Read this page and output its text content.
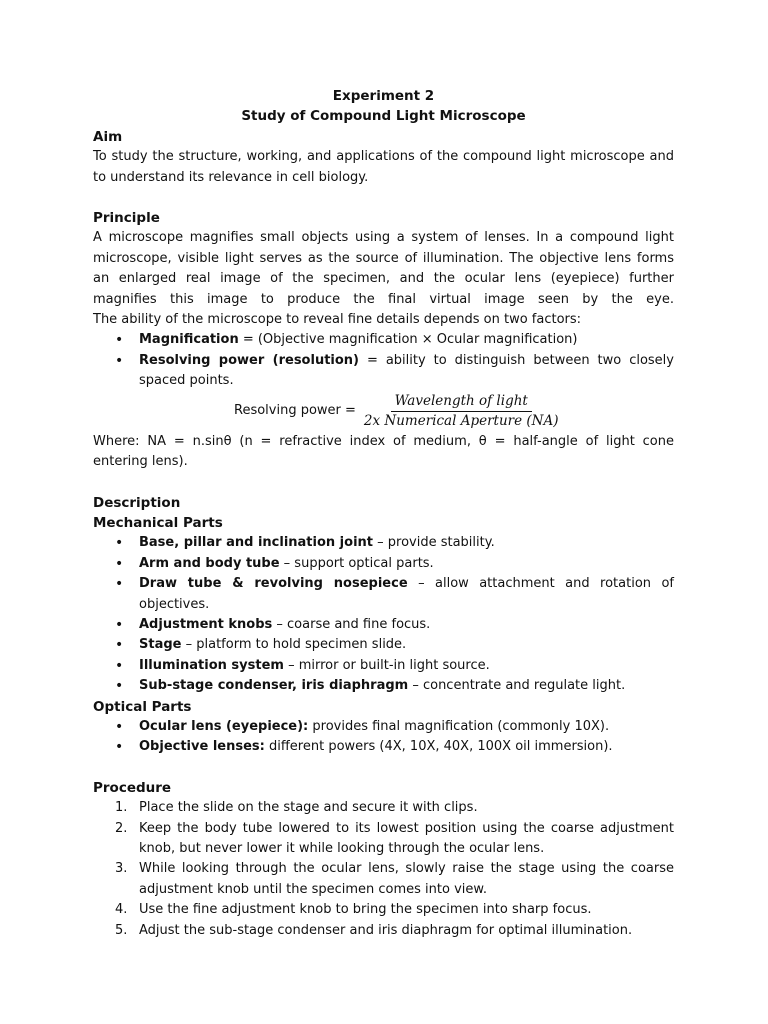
Experiment 2
Study of Compound Light Microscope
Aim
To study the structure, working, and applications of the compound light microscope and to understand its relevance in cell biology.
Principle
A microscope magnifies small objects using a system of lenses. In a compound light microscope, visible light serves as the source of illumination. The objective lens forms an enlarged real image of the specimen, and the ocular lens (eyepiece) further magnifies this image to produce the final virtual image seen by the eye.
The ability of the microscope to reveal fine details depends on two factors:
• Magnification = (Objective magnification × Ocular magnification)
• Resolving power (resolution) = ability to distinguish between two closely spaced points.
Resolving power = $\frac{\text{Wavelength of light}}{\text{2x Numerical Aperture (NA)}}$
Where: NA = n.sinθ (n = refractive index of medium, θ = half-angle of light cone entering lens).
Description
Mechanical Parts
• Base, pillar and inclination joint – provide stability.
• Arm and body tube – support optical parts.
• Draw tube & revolving nosepiece – allow attachment and rotation of objectives.
• Adjustment knobs – coarse and fine focus.
• Stage – platform to hold specimen slide.
• Illumination system – mirror or built-in light source.
• Sub-stage condenser, iris diaphragm – concentrate and regulate light.
Optical Parts
• Ocular lens (eyepiece): provides final magnification (commonly 10X).
• Objective lenses: different powers (4X, 10X, 40X, 100X oil immersion).
Procedure
1. Place the slide on the stage and secure it with clips.
2. Keep the body tube lowered to its lowest position using the coarse adjustment knob, but never lower it while looking through the ocular lens.
3. While looking through the ocular lens, slowly raise the stage using the coarse adjustment knob until the specimen comes into view.
4. Use the fine adjustment knob to bring the specimen into sharp focus.
5. Adjust the sub-stage condenser and iris diaphragm for optimal illumination.
